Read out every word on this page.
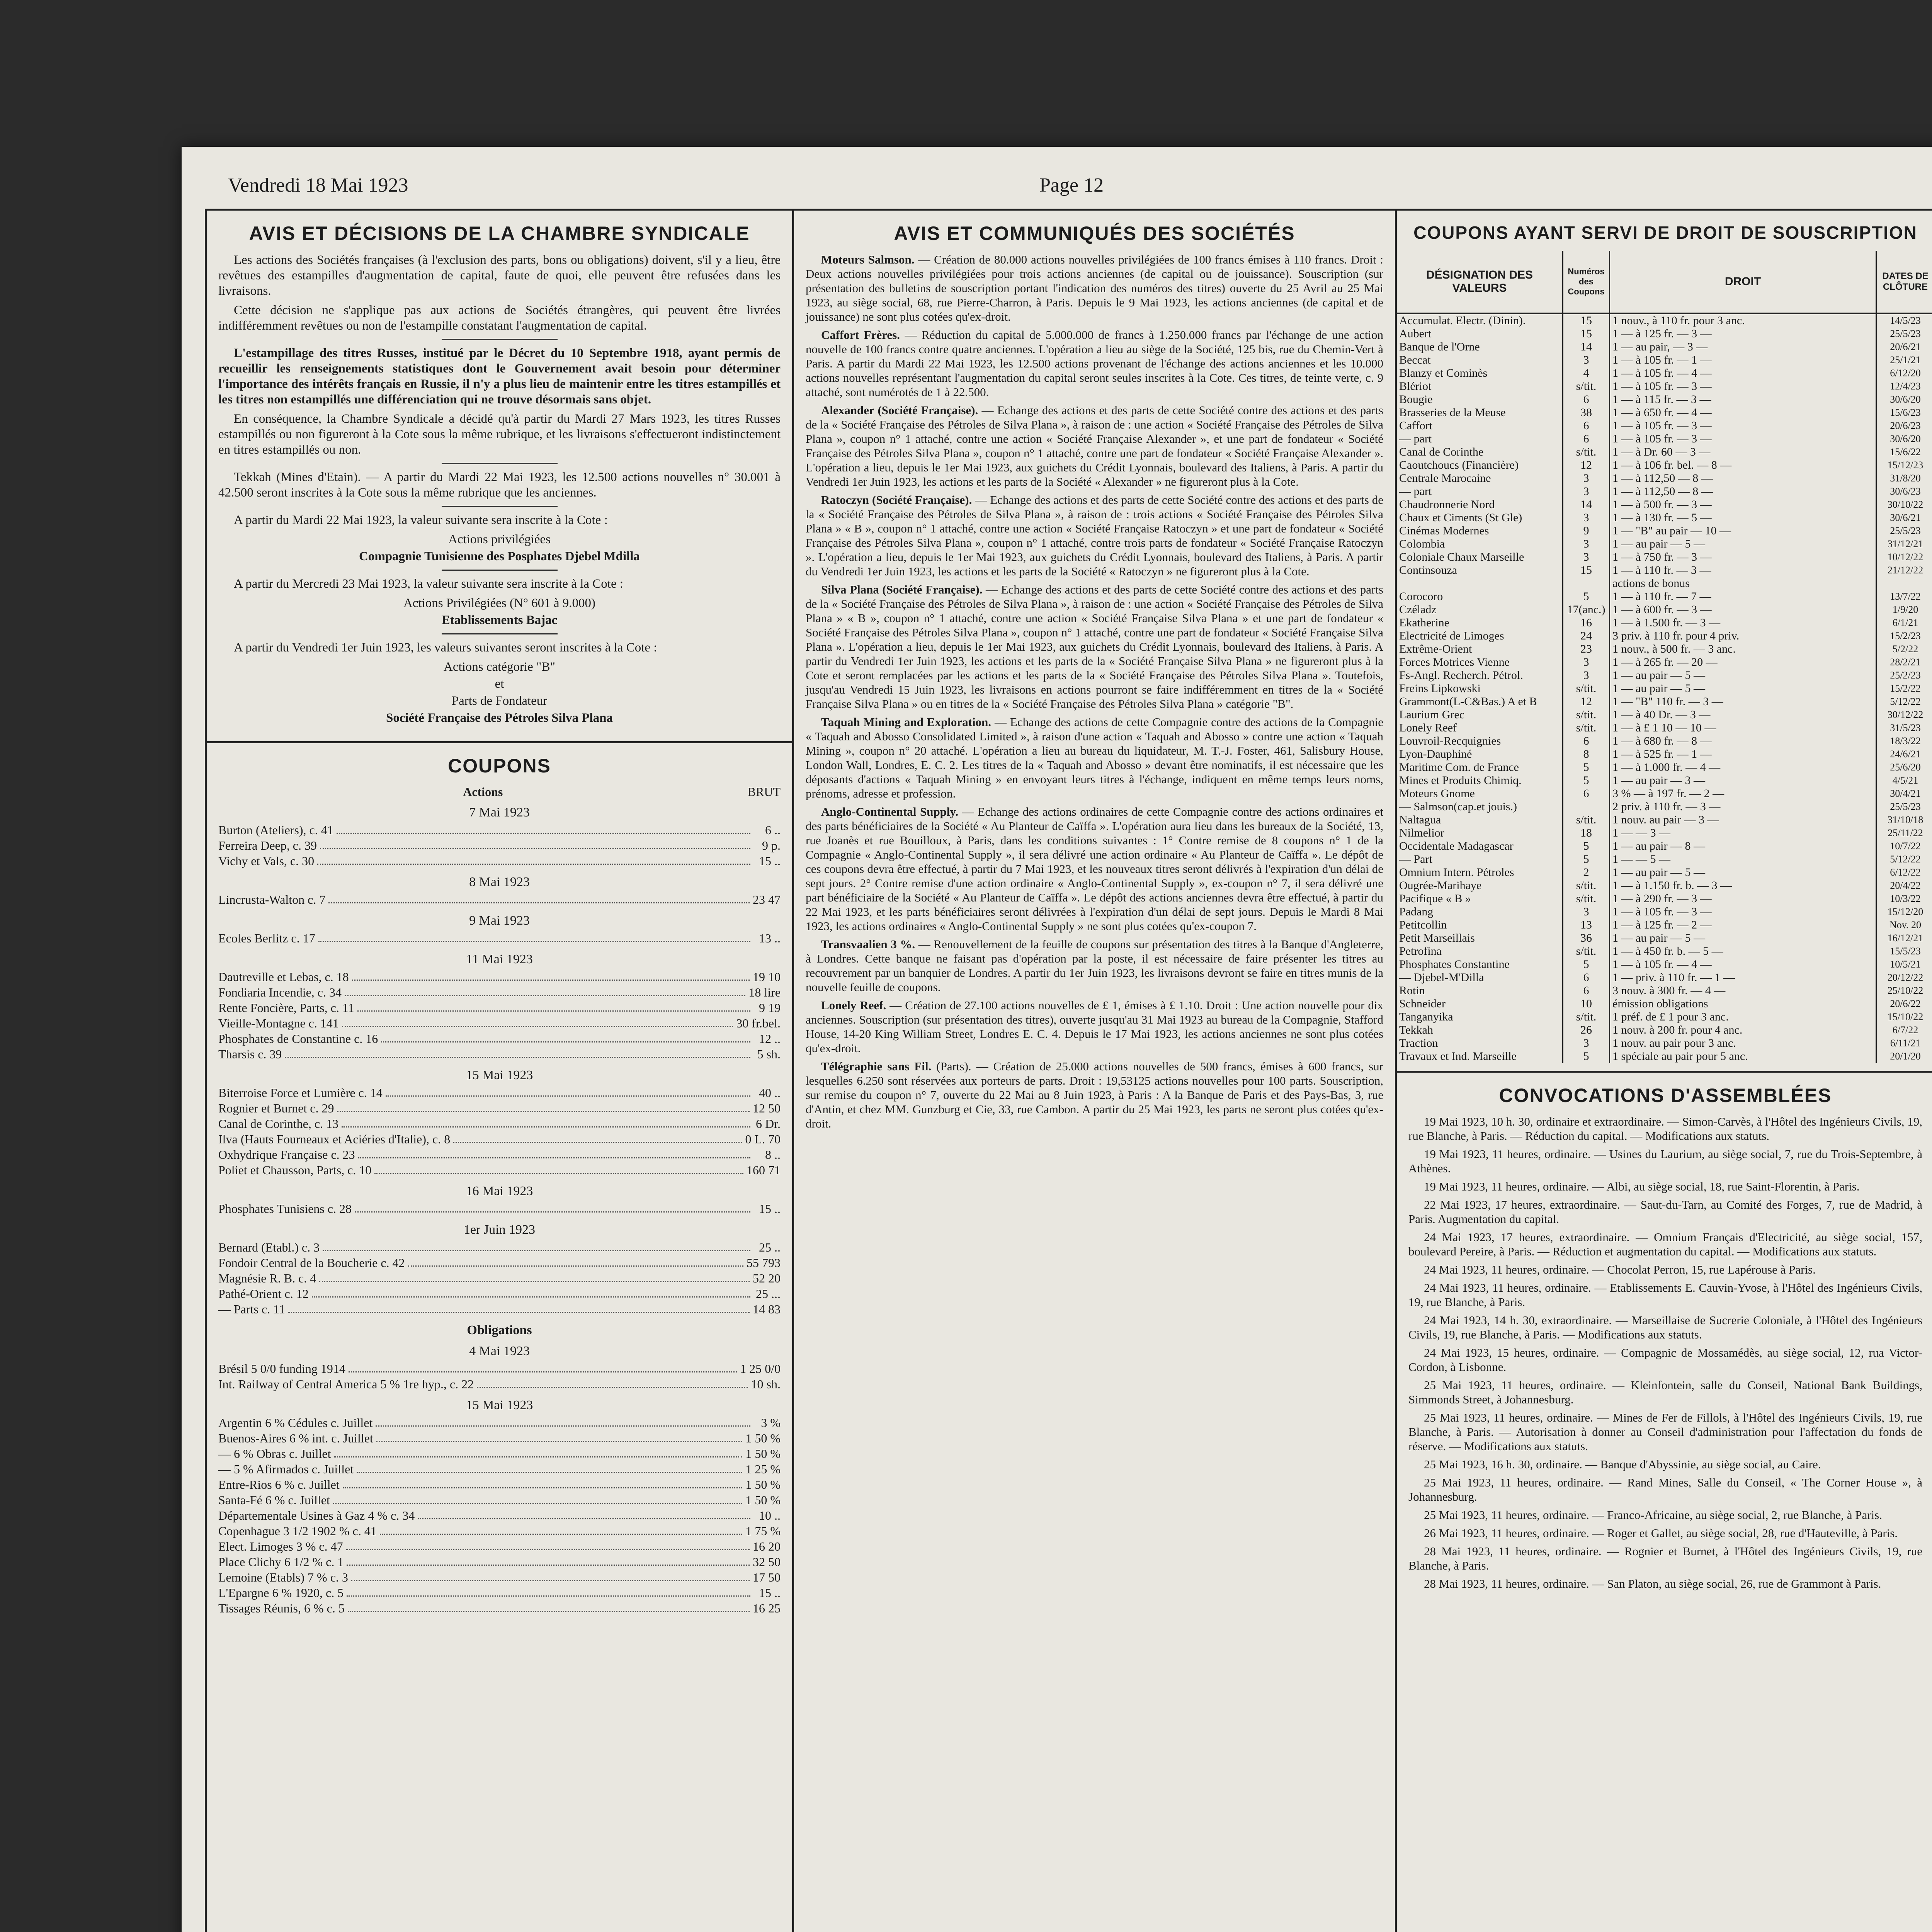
Vendredi 18 Mai 1923	Page 12
AVIS ET DÉCISIONS DE LA CHAMBRE SYNDICALE
Les actions des Sociétés françaises (à l'exclusion des parts, bons ou obligations) doivent, s'il y a lieu, être revêtues des estampilles d'augmentation de capital, faute de quoi, elle peuvent être refusées dans les livraisons.
Cette décision ne s'applique pas aux actions de Sociétés étrangères, qui peuvent être livrées indifféremment revêtues ou non de l'estampille constatant l'augmentation de capital.
L'estampillage des titres Russes, institué par le Décret du 10 Septembre 1918, ayant permis de recueillir les renseignements statistiques dont le Gouvernement avait besoin pour déterminer l'importance des intérêts français en Russie, il n'y a plus lieu de maintenir entre les titres estampillés et les titres non estampillés une différenciation qui ne trouve désormais sans objet.
En conséquence, la Chambre Syndicale a décidé qu'à partir du Mardi 27 Mars 1923, les titres Russes estampillés ou non figureront à la Cote sous la même rubrique, et les livraisons s'effectueront indistinctement en titres estampillés ou non.
Tekkah (Mines d'Etain). — A partir du Mardi 22 Mai 1923, les 12.500 actions nouvelles n° 30.001 à 42.500 seront inscrites à la Cote sous la même rubrique que les anciennes.
A partir du Mardi 22 Mai 1923, la valeur suivante sera inscrite à la Cote :
Actions privilégiées
Compagnie Tunisienne des Posphates Djebel Mdilla
A partir du Mercredi 23 Mai 1923, la valeur suivante sera inscrite à la Cote :
Actions Privilégiées (N° 601 à 9.000)
Etablissements Bajac
A partir du Vendredi 1er Juin 1923, les valeurs suivantes seront inscrites à la Cote :
Actions catégorie "B"
et
Parts de Fondateur
Société Française des Pétroles Silva Plana
COUPONS
Actions	BRUT
7 Mai 1923
Burton (Ateliers), c. 41	6 ..
Ferreira Deep, c. 39	9 p.
Vichy et Vals, c. 30	15 ..
8 Mai 1923
Lincrusta-Walton c. 7	23 47
9 Mai 1923
Ecoles Berlitz c. 17	13 ..
11 Mai 1923
Dautreville et Lebas, c. 18	19 10
Fondiaria Incendie, c. 34	18 lire
Rente Foncière, Parts, c. 11	9 19
Vieille-Montagne c. 141	30 fr.bel.
Phosphates de Constantine c. 16	12 ..
Tharsis c. 39	5 sh.
15 Mai 1923
Biterroise Force et Lumière c. 14	40 ..
Rognier et Burnet c. 29	12 50
Canal de Corinthe, c. 13	6 Dr.
Ilva (Hauts Fourneaux et Aciéries d'Italie), c. 8	0 L. 70
Oxhydrique Française c. 23	8 ..
Poliet et Chausson, Parts, c. 10	160 71
16 Mai 1923
Phosphates Tunisiens c. 28	15 ..
1er Juin 1923
Bernard (Etabl.) c. 3	25 ..
Fondoir Central de la Boucherie c. 42	55 793
Magnésie R. B. c. 4	52 20
Pathé-Orient c. 12	25 ...
— Parts c. 11	14 83
Obligations
4 Mai 1923
Brésil 5 0/0 funding 1914	1 25 0/0
Int. Railway of Central America 5 % 1re hyp., c. 22	10 sh.
15 Mai 1923
Argentin 6 % Cédules c. Juillet	3 %
Buenos-Aires 6 % int. c. Juillet	1 50 %
— 6 % Obras c. Juillet	1 50 %
— 5 % Afirmados c. Juillet	1 25 %
Entre-Rios 6 % c. Juillet	1 50 %
Santa-Fé 6 % c. Juillet	1 50 %
Départementale Usines à Gaz 4 % c. 34	10 ..
Copenhague 3 1/2 1902 % c. 41	1 75 %
Elect. Limoges 3 % c. 47	16 20
Place Clichy 6 1/2 % c. 1	32 50
Lemoine (Etabls) 7 % c. 3	17 50
L'Epargne 6 % 1920, c. 5	15 ..
Tissages Réunis, 6 % c. 5	16 25
AVIS ET COMMUNIQUÉS DES SOCIÉTÉS
Moteurs Salmson. — Création de 80.000 actions nouvelles privilégiées de 100 francs émises à 110 francs. Droit : Deux actions nouvelles privilégiées pour trois actions anciennes (de capital ou de jouissance). Souscription (sur présentation des bulletins de souscription portant l'indication des numéros des titres) ouverte du 25 Avril au 25 Mai 1923, au siège social, 68, rue Pierre-Charron, à Paris. Depuis le 9 Mai 1923, les actions anciennes (de capital et de jouissance) ne sont plus cotées qu'ex-droit.
Caffort Frères. — Réduction du capital de 5.000.000 de francs à 1.250.000 francs par l'échange de une action nouvelle de 100 francs contre quatre anciennes. L'opération a lieu au siège de la Société, 125 bis, rue du Chemin-Vert à Paris. A partir du Mardi 22 Mai 1923, les 12.500 actions provenant de l'échange des actions anciennes et les 10.000 actions nouvelles représentant l'augmentation du capital seront seules inscrites à la Cote. Ces titres, de teinte verte, c. 9 attaché, sont numérotés de 1 à 22.500.
Alexander (Société Française). — Echange des actions et des parts de cette Société contre des actions et des parts de la « Société Française des Pétroles de Silva Plana », à raison de : une action « Société Française des Pétroles de Silva Plana », coupon n° 1 attaché, contre une action « Société Française Alexander », et une part de fondateur « Société Française des Pétroles Silva Plana », coupon n° 1 attaché, contre une part de fondateur « Société Française Alexander ». L'opération a lieu, depuis le 1er Mai 1923, aux guichets du Crédit Lyonnais, boulevard des Italiens, à Paris. A partir du Vendredi 1er Juin 1923, les actions et les parts de la Société « Alexander » ne figureront plus à la Cote.
Ratoczyn (Société Française). — Echange des actions et des parts de cette Société contre des actions et des parts de la « Société Française des Pétroles de Silva Plana », à raison de : trois actions « Société Française des Pétroles Silva Plana » « B », coupon n° 1 attaché, contre une action « Société Française Ratoczyn » et une part de fondateur « Société Française des Pétroles Silva Plana », coupon n° 1 attaché, contre trois parts de fondateur « Société Française Ratoczyn ». L'opération a lieu, depuis le 1er Mai 1923, aux guichets du Crédit Lyonnais, boulevard des Italiens, à Paris. A partir du Vendredi 1er Juin 1923, les actions et les parts de la Société « Ratoczyn » ne figureront plus à la Cote.
Silva Plana (Société Française). — Echange des actions et des parts de cette Société contre des actions et des parts de la « Société Française des Pétroles de Silva Plana », à raison de : une action « Société Française des Pétroles de Silva Plana » « B », coupon n° 1 attaché, contre une action « Société Française Silva Plana » et une part de fondateur « Société Française des Pétroles Silva Plana », coupon n° 1 attaché, contre une part de fondateur « Société Française Silva Plana ». L'opération a lieu, depuis le 1er Mai 1923, aux guichets du Crédit Lyonnais, boulevard des Italiens, à Paris. A partir du Vendredi 1er Juin 1923, les actions et les parts de la « Société Française Silva Plana » ne figureront plus à la Cote et seront remplacées par les actions et les parts de la « Société Française des Pétroles Silva Plana ». Toutefois, jusqu'au Vendredi 15 Juin 1923, les livraisons en actions pourront se faire indifféremment en titres de la « Société Française Silva Plana » ou en titres de la « Société Française des Pétroles Silva Plana » catégorie "B".
Taquah Mining and Exploration. — Echange des actions de cette Compagnie contre des actions de la Compagnie « Taquah and Abosso Consolidated Limited », à raison d'une action « Taquah and Abosso » contre une action « Taquah Mining », coupon n° 20 attaché. L'opération a lieu au bureau du liquidateur, M. T.-J. Foster, 461, Salisbury House, London Wall, Londres, E. C. 2. Les titres de la « Taquah and Abosso » devant être nominatifs, il est nécessaire que les déposants d'actions « Taquah Mining » en envoyant leurs titres à l'échange, indiquent en même temps leurs noms, prénoms, adresse et profession.
Anglo-Continental Supply. — Echange des actions ordinaires de cette Compagnie contre des actions ordinaires et des parts bénéficiaires de la Société « Au Planteur de Caïffa ». L'opération aura lieu dans les bureaux de la Société, 13, rue Joanès et rue Bouilloux, à Paris, dans les conditions suivantes : 1° Contre remise de 8 coupons n° 1 de la Compagnie « Anglo-Continental Supply », il sera délivré une action ordinaire « Au Planteur de Caïffa ». Le dépôt de ces coupons devra être effectué, à partir du 7 Mai 1923, et les nouveaux titres seront délivrés à l'expiration d'un délai de sept jours. 2° Contre remise d'une action ordinaire « Anglo-Continental Supply », ex-coupon n° 7, il sera délivré une part bénéficiaire de la Société « Au Planteur de Caïffa ». Le dépôt des actions anciennes devra être effectué, à partir du 22 Mai 1923, et les parts bénéficiaires seront délivrées à l'expiration d'un délai de sept jours. Depuis le Mardi 8 Mai 1923, les actions ordinaires « Anglo-Continental Supply » ne sont plus cotées qu'ex-coupon 7.
Transvaalien 3 %. — Renouvellement de la feuille de coupons sur présentation des titres à la Banque d'Angleterre, à Londres. Cette banque ne faisant pas d'opération par la poste, il est nécessaire de faire présenter les titres au recouvrement par un banquier de Londres. A partir du 1er Juin 1923, les livraisons devront se faire en titres munis de la nouvelle feuille de coupons.
Lonely Reef. — Création de 27.100 actions nouvelles de £ 1, émises à £ 1.10. Droit : Une action nouvelle pour dix anciennes. Souscription (sur présentation des titres), ouverte jusqu'au 31 Mai 1923 au bureau de la Compagnie, Stafford House, 14-20 King William Street, Londres E. C. 4. Depuis le 17 Mai 1923, les actions anciennes ne sont plus cotées qu'ex-droit.
Télégraphie sans Fil. (Parts). — Création de 25.000 actions nouvelles de 500 francs, émises à 600 francs, sur lesquelles 6.250 sont réservées aux porteurs de parts. Droit : 19,53125 actions nouvelles pour 100 parts. Souscription, sur remise du coupon n° 7, ouverte du 22 Mai au 8 Juin 1923, à Paris : A la Banque de Paris et des Pays-Bas, 3, rue d'Antin, et chez MM. Gunzburg et Cie, 33, rue Cambon. A partir du 25 Mai 1923, les parts ne seront plus cotées qu'ex-droit.
COUPONS AYANT SERVI DE DROIT DE SOUSCRIPTION
DÉSIGNATION DES VALEURS	Numéros des Coupons	DROIT	DATES DE CLÔTURE
Accumulat. Electr. (Dinin).	15	1 nouv., à 110 fr. pour 3 anc.	14/5/23
Aubert	15	1 — à 125 fr. — 3 —	25/5/23
Banque de l'Orne	14	1 — au pair, — 3 —	20/6/21
Beccat	3	1 — à 105 fr. — 1 —	25/1/21
Blanzy et Cominès	4	1 — à 105 fr. — 4 —	6/12/20
Blériot	s/tit.	1 — à 105 fr. — 3 —	12/4/23
Bougie	6	1 — à 115 fr. — 3 —	30/6/20
Brasseries de la Meuse	38	1 — à 650 fr. — 4 —	15/6/23
Caffort	6	1 — à 105 fr. — 3 —	20/6/23
— part	6	1 — à 105 fr. — 3 —	30/6/20
Canal de Corinthe	s/tit.	1 — à Dr. 60 — 3 —	15/6/22
Caoutchoucs (Financière)	12	1 — à 106 fr. bel. — 8 —	15/12/23
Centrale Marocaine	3	1 — à 112,50 — 8 —	31/8/20
— part	3	1 — à 112,50 — 8 —	30/6/23
Chaudronnerie Nord	14	1 — à 500 fr. — 3 —	30/10/22
Chaux et Ciments (St Gle)	3	1 — à 130 fr. — 5 —	30/6/21
Cinémas Modernes	9	1 — "B" au pair — 10 —	25/5/23
Colombia	3	1 — au pair — 5 —	31/12/21
Coloniale Chaux Marseille	3	1 — à 750 fr. — 3 —	10/12/22
Continsouza	15	1 — à 110 fr. — 3 —	21/12/22
		actions de bonus	
Corocoro	5	1 — à 110 fr. — 7 —	13/7/22
Czéladz	17(anc.)	1 — à 600 fr. — 3 —	1/9/20
Ekatherine	16	1 — à 1.500 fr. — 3 —	6/1/21
Electricité de Limoges	24	3 priv. à 110 fr. pour 4 priv.	15/2/23
Extrême-Orient	23	1 nouv., à 500 fr. — 3 anc.	5/2/22
Forces Motrices Vienne	3	1 — à 265 fr. — 20 —	28/2/21
Fs-Angl. Recherch. Pétrol.	3	1 — au pair — 5 —	25/2/23
Freins Lipkowski	s/tit.	1 — au pair — 5 —	15/2/22
Grammont(L-C&Bas.) A et B	12	1 — "B" 110 fr. — 3 —	5/12/22
Laurium Grec	s/tit.	1 — à 40 Dr. — 3 —	30/12/22
Lonely Reef	s/tit.	1 — à £ 1 10 — 10 —	31/5/23
Louvroil-Recquignies	6	1 — à 680 fr. — 8 —	18/3/22
Lyon-Dauphiné	8	1 — à 525 fr. — 1 —	24/6/21
Maritime Com. de France	5	1 — à 1.000 fr. — 4 —	25/6/20
Mines et Produits Chimiq.	5	1 — au pair — 3 —	4/5/21
Moteurs Gnome	6	3 % — à 197 fr. — 2 —	30/4/21
— Salmson(cap.et jouis.)		2 priv. à 110 fr. — 3 —	25/5/23
Naltagua	s/tit.	1 nouv. au pair — 3 —	31/10/18
Nilmelior	18	1 — — 3 —	25/11/22
Occidentale Madagascar	5	1 — au pair — 8 —	10/7/22
— Part	5	1 — — 5 —	5/12/22
Omnium Intern. Pétroles	2	1 — au pair — 5 —	6/12/22
Ougrée-Marihaye	s/tit.	1 — à 1.150 fr. b. — 3 —	20/4/22
Pacifique « B »	s/tit.	1 — à 290 fr. — 3 —	10/3/22
Padang	3	1 — à 105 fr. — 3 —	15/12/20
Petitcollin	13	1 — à 125 fr. — 2 —	Nov. 20
Petit Marseillais	36	1 — au pair — 5 —	16/12/21
Petrofina	s/tit.	1 — à 450 fr. b. — 5 —	15/5/23
Phosphates Constantine	5	1 — à 105 fr. — 4 —	10/5/21
— Djebel-M'Dilla	6	1 — priv. à 110 fr. — 1 —	20/12/22
Rotin	6	3 nouv. à 300 fr. — 4 —	25/10/22
Schneider	10	émission obligations	20/6/22
Tanganyika	s/tit.	1 préf. de £ 1 pour 3 anc.	15/10/22
Tekkah	26	1 nouv. à 200 fr. pour 4 anc.	6/7/22
Traction	3	1 nouv. au pair pour 3 anc.	6/11/21
Travaux et Ind. Marseille	5	1 spéciale au pair pour 5 anc.	20/1/20
CONVOCATIONS D'ASSEMBLÉES
19 Mai 1923, 10 h. 30, ordinaire et extraordinaire. — Simon-Carvès, à l'Hôtel des Ingénieurs Civils, 19, rue Blanche, à Paris. — Réduction du capital. — Modifications aux statuts.
19 Mai 1923, 11 heures, ordinaire. — Usines du Laurium, au siège social, 7, rue du Trois-Septembre, à Athènes.
19 Mai 1923, 11 heures, ordinaire. — Albi, au siège social, 18, rue Saint-Florentin, à Paris.
22 Mai 1923, 17 heures, extraordinaire. — Saut-du-Tarn, au Comité des Forges, 7, rue de Madrid, à Paris. Augmentation du capital.
24 Mai 1923, 17 heures, extraordinaire. — Omnium Français d'Electricité, au siège social, 157, boulevard Pereire, à Paris. — Réduction et augmentation du capital. — Modifications aux statuts.
24 Mai 1923, 11 heures, ordinaire. — Chocolat Perron, 15, rue Lapérouse à Paris.
24 Mai 1923, 11 heures, ordinaire. — Etablissements E. Cauvin-Yvose, à l'Hôtel des Ingénieurs Civils, 19, rue Blanche, à Paris.
24 Mai 1923, 14 h. 30, extraordinaire. — Marseillaise de Sucrerie Coloniale, à l'Hôtel des Ingénieurs Civils, 19, rue Blanche, à Paris. — Modifications aux statuts.
24 Mai 1923, 15 heures, ordinaire. — Compagnic de Mossamédès, au siège social, 12, rua Victor-Cordon, à Lisbonne.
25 Mai 1923, 11 heures, ordinaire. — Kleinfontein, salle du Conseil, National Bank Buildings, Simmonds Street, à Johannesburg.
25 Mai 1923, 11 heures, ordinaire. — Mines de Fer de Fillols, à l'Hôtel des Ingénieurs Civils, 19, rue Blanche, à Paris. — Autorisation à donner au Conseil d'administration pour l'affectation du fonds de réserve. — Modifications aux statuts.
25 Mai 1923, 16 h. 30, ordinaire. — Banque d'Abyssinie, au siège social, au Caire.
25 Mai 1923, 11 heures, ordinaire. — Rand Mines, Salle du Conseil, « The Corner House », à Johannesburg.
25 Mai 1923, 11 heures, ordinaire. — Franco-Africaine, au siège social, 2, rue Blanche, à Paris.
26 Mai 1923, 11 heures, ordinaire. — Roger et Gallet, au siège social, 28, rue d'Hauteville, à Paris.
28 Mai 1923, 11 heures, ordinaire. — Rognier et Burnet, à l'Hôtel des Ingénieurs Civils, 19, rue Blanche, à Paris.
28 Mai 1923, 11 heures, ordinaire. — San Platon, au siège social, 26, rue de Grammont à Paris.
